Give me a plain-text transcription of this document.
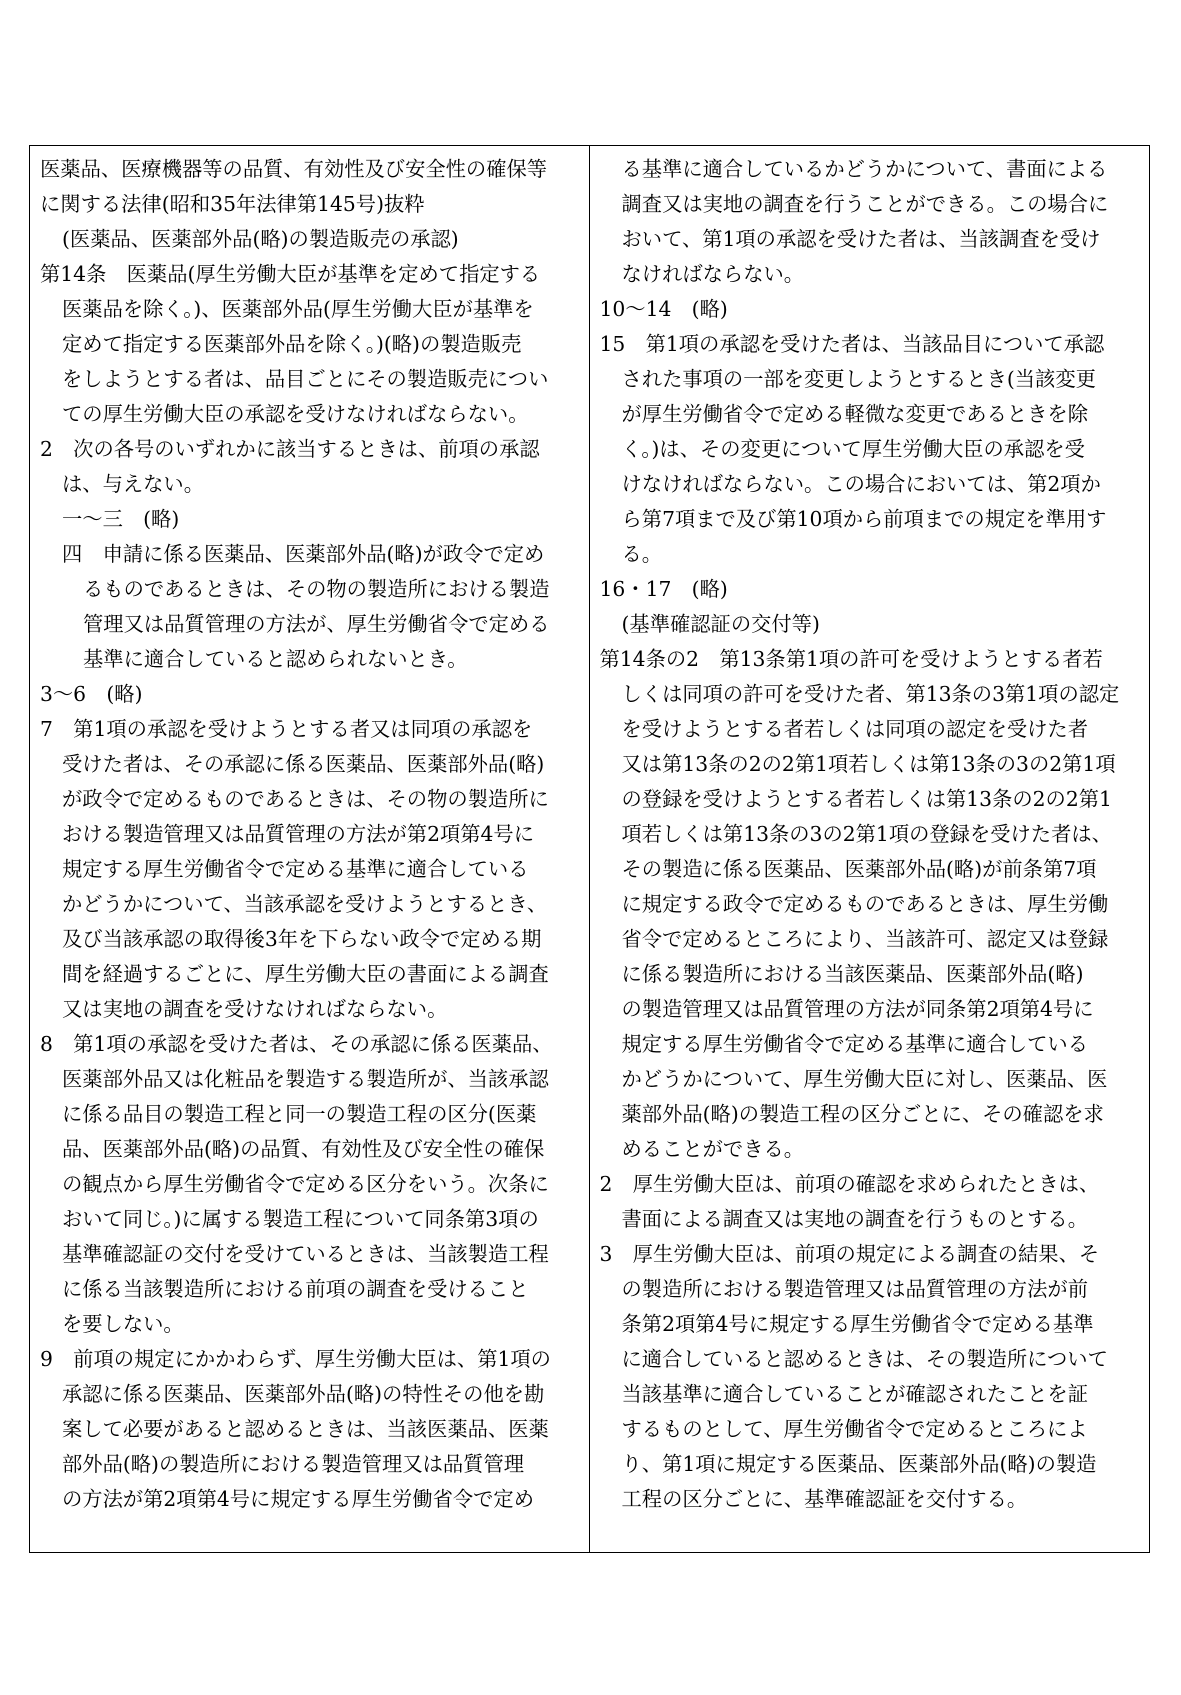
医薬品、医療機器等の品質、有効性及び安全性の確保等
に関する法律(昭和35年法律第145号)抜粋
(医薬品、医薬部外品(略)の製造販売の承認)
第14条　医薬品(厚生労働大臣が基準を定めて指定する
医薬品を除く。)、医薬部外品(厚生労働大臣が基準を
定めて指定する医薬部外品を除く。)(略)の製造販売
をしようとする者は、品目ごとにその製造販売につい
ての厚生労働大臣の承認を受けなければならない。
2　次の各号のいずれかに該当するときは、前項の承認
は、与えない。
一～三　(略)
四　申請に係る医薬品、医薬部外品(略)が政令で定め
るものであるときは、その物の製造所における製造
管理又は品質管理の方法が、厚生労働省令で定める
基準に適合していると認められないとき。
3～6　(略)
7　第1項の承認を受けようとする者又は同項の承認を
受けた者は、その承認に係る医薬品、医薬部外品(略)
が政令で定めるものであるときは、その物の製造所に
おける製造管理又は品質管理の方法が第2項第4号に
規定する厚生労働省令で定める基準に適合している
かどうかについて、当該承認を受けようとするとき、
及び当該承認の取得後3年を下らない政令で定める期
間を経過するごとに、厚生労働大臣の書面による調査
又は実地の調査を受けなければならない。
8　第1項の承認を受けた者は、その承認に係る医薬品、
医薬部外品又は化粧品を製造する製造所が、当該承認
に係る品目の製造工程と同一の製造工程の区分(医薬
品、医薬部外品(略)の品質、有効性及び安全性の確保
の観点から厚生労働省令で定める区分をいう。次条に
おいて同じ。)に属する製造工程について同条第3項の
基準確認証の交付を受けているときは、当該製造工程
に係る当該製造所における前項の調査を受けること
を要しない。
9　前項の規定にかかわらず、厚生労働大臣は、第1項の
承認に係る医薬品、医薬部外品(略)の特性その他を勘
案して必要があると認めるときは、当該医薬品、医薬
部外品(略)の製造所における製造管理又は品質管理
の方法が第2項第4号に規定する厚生労働省令で定め
る基準に適合しているかどうかについて、書面による
調査又は実地の調査を行うことができる。この場合に
おいて、第1項の承認を受けた者は、当該調査を受け
なければならない。
10～14　(略)
15　第1項の承認を受けた者は、当該品目について承認
された事項の一部を変更しようとするとき(当該変更
が厚生労働省令で定める軽微な変更であるときを除
く。)は、その変更について厚生労働大臣の承認を受
けなければならない。この場合においては、第2項か
ら第7項まで及び第10項から前項までの規定を準用す
る。
16・17　(略)
(基準確認証の交付等)
第14条の2　第13条第1項の許可を受けようとする者若
しくは同項の許可を受けた者、第13条の3第1項の認定
を受けようとする者若しくは同項の認定を受けた者
又は第13条の2の2第1項若しくは第13条の3の2第1項
の登録を受けようとする者若しくは第13条の2の2第1
項若しくは第13条の3の2第1項の登録を受けた者は、
その製造に係る医薬品、医薬部外品(略)が前条第7項
に規定する政令で定めるものであるときは、厚生労働
省令で定めるところにより、当該許可、認定又は登録
に係る製造所における当該医薬品、医薬部外品(略)
の製造管理又は品質管理の方法が同条第2項第4号に
規定する厚生労働省令で定める基準に適合している
かどうかについて、厚生労働大臣に対し、医薬品、医
薬部外品(略)の製造工程の区分ごとに、その確認を求
めることができる。
2　厚生労働大臣は、前項の確認を求められたときは、
書面による調査又は実地の調査を行うものとする。
3　厚生労働大臣は、前項の規定による調査の結果、そ
の製造所における製造管理又は品質管理の方法が前
条第2項第4号に規定する厚生労働省令で定める基準
に適合していると認めるときは、その製造所について
当該基準に適合していることが確認されたことを証
するものとして、厚生労働省令で定めるところによ
り、第1項に規定する医薬品、医薬部外品(略)の製造
工程の区分ごとに、基準確認証を交付する。
